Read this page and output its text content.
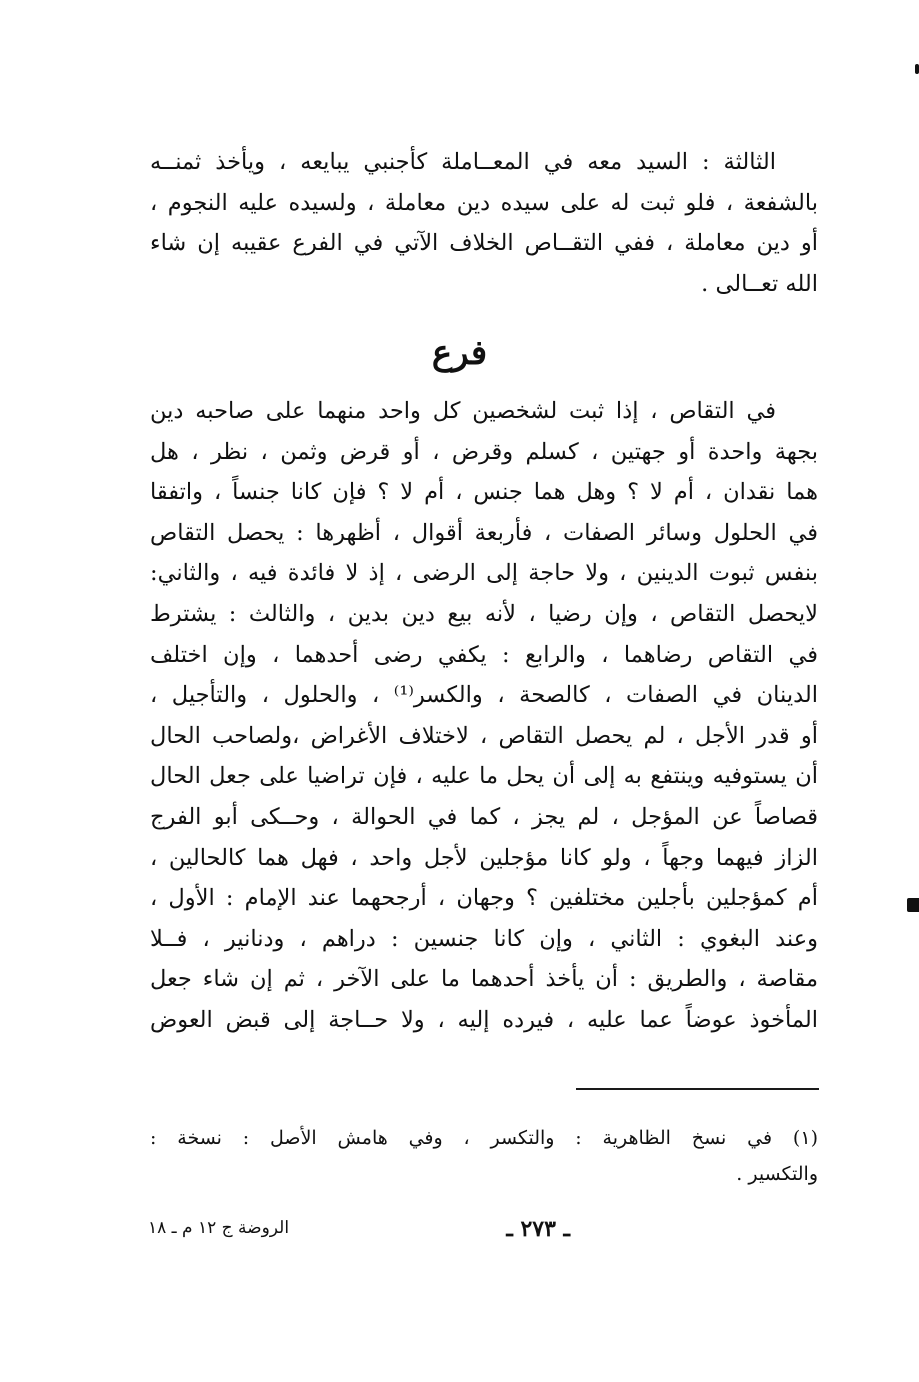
الثالثة : السيد معه في المعــاملة كأجنبي يبايعه ، ويأخذ ثمنــه
بالشفعة ، فلو ثبت له على سيده دين معاملة ، ولسيده عليه النجوم ،
أو دين معاملة ، ففي التقــاص الخلاف الآتي في الفرع عقيبه إن شاء
الله تعــالى .
فرع
في التقاص ، إذا ثبت لشخصين كل واحد منهما على صاحبه دين
بجهة واحدة أو جهتين ، كسلم وقرض ، أو قرض وثمن ، نظر ، هل
هما نقدان ، أم لا ؟ وهل هما جنس ، أم لا ؟ فإن كانا جنساً ، واتفقا
في الحلول وسائر الصفات ، فأربعة أقوال ، أظهرها : يحصل التقاص
بنفس ثبوت الدينين ، ولا حاجة إلى الرضى ، إذ لا فائدة فيه ، والثاني:
لايحصل التقاص ، وإن رضيا ، لأنه بيع دين بدين ، والثالث : يشترط
في التقاص رضاهما ، والرابع : يكفي رضى أحدهما ، وإن اختلف
الدينان في الصفات ، كالصحة ، والكسر⁽¹⁾ ، والحلول ، والتأجيل ،
أو قدر الأجل ، لم يحصل التقاص ، لاختلاف الأغراض ،ولصاحب الحال
أن يستوفيه وينتفع به إلى أن يحل ما عليه ، فإن تراضيا على جعل الحال
قصاصاً عن المؤجل ، لم يجز ، كما في الحوالة ، وحــكى أبو الفرج
الزاز فيهما وجهاً ، ولو كانا مؤجلين لأجل واحد ، فهل هما كالحالين ،
أم كمؤجلين بأجلين مختلفين ؟ وجهان ، أرجحهما عند الإمام : الأول ،
وعند البغوي : الثاني ، وإن كانا جنسين : دراهم ، ودنانير ، فــلا
مقاصة ، والطريق : أن يأخذ أحدهما ما على الآخر ، ثم إن شاء جعل
المأخوذ عوضاً عما عليه ، فيرده إليه ، ولا حــاجة إلى قبض العوض
(١) في نسخ الظاهرية : والتكسر ، وفي هامش الأصل : نسخة :
والتكسير .
ـ ٢٧٣ ـ
الروضة ج ١٢ م ـ ١٨
